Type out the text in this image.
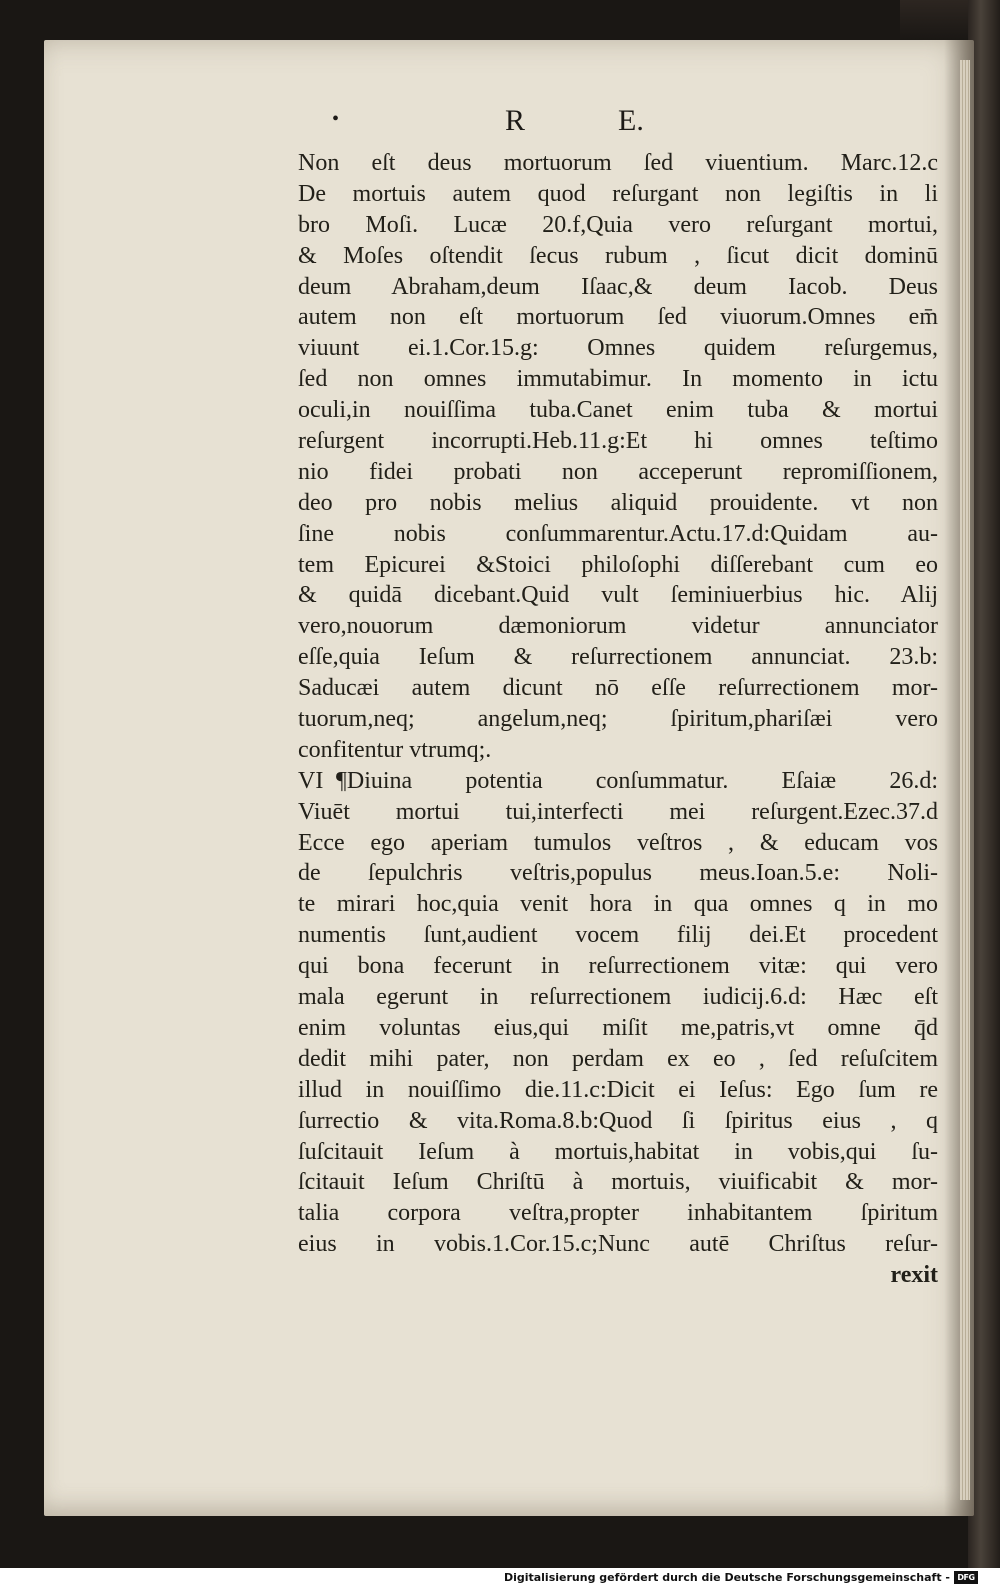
•	R	E.
Non eſt deus mortuorum ſed viuentium. Marc.12.c
De mortuis autem quod reſurgant non legiſtis in li
bro Moſi. Lucæ 20.f,Quia vero reſurgant mortui,
& Moſes oſtendit ſecus rubum , ſicut dicit dominū
deum Abraham,deum Iſaac,& deum Iacob. Deus
autem non eſt mortuorum ſed viuorum.Omnes em̄
viuunt ei.1.Cor.15.g: Omnes quidem reſurgemus,
ſed non omnes immutabimur. In momento in ictu
oculi,in nouiſſima tuba.Canet enim tuba & mortui
reſurgent incorrupti.Heb.11.g:Et hi omnes teſtimo
nio fidei probati non acceperunt repromiſſionem,
deo pro nobis melius aliquid prouidente. vt non
ſine nobis conſummarentur.Actu.17.d:Quidam au-
tem Epicurei &Stoici philoſophi diſſerebant cum eo
& quidā dicebant.Quid vult ſeminiuerbius hic. Alij
vero,nouorum dæmoniorum videtur annunciator
eſſe,quia Ieſum & reſurrectionem annunciat. 23.b:
Saducæi autem dicunt nō eſſe reſurrectionem mor-
tuorum,neq; angelum,neq; ſpiritum,phariſæi vero
confitentur vtrumq;.
VI ¶Diuina potentia conſummatur. Eſaiæ 26.d:
Viuēt mortui tui,interfecti mei reſurgent.Ezec.37.d
Ecce ego aperiam tumulos veſtros , & educam vos
de ſepulchris veſtris,populus meus.Ioan.5.e: Noli-
te mirari hoc,quia venit hora in qua omnes q in mo
numentis ſunt,audient vocem filij dei.Et procedent
qui bona fecerunt in reſurrectionem vitæ: qui vero
mala egerunt in reſurrectionem iudicij.6.d: Hæc eſt
enim voluntas eius,qui miſit me,patris,vt omne q̄d
dedit mihi pater, non perdam ex eo , ſed reſuſcitem
illud in nouiſſimo die.11.c:Dicit ei Ieſus: Ego ſum re
ſurrectio & vita.Roma.8.b:Quod ſi ſpiritus eius , q
ſuſcitauit Ieſum à mortuis,habitat in vobis,qui ſu-
ſcitauit Ieſum Chriſtū à mortuis, viuificabit & mor-
talia corpora veſtra,propter inhabitantem ſpiritum
eius in vobis.1.Cor.15.c;Nunc autē Chriſtus reſur-
rexit
Digitalisierung gefördert durch die Deutsche Forschungsgemeinschaft - DFG
